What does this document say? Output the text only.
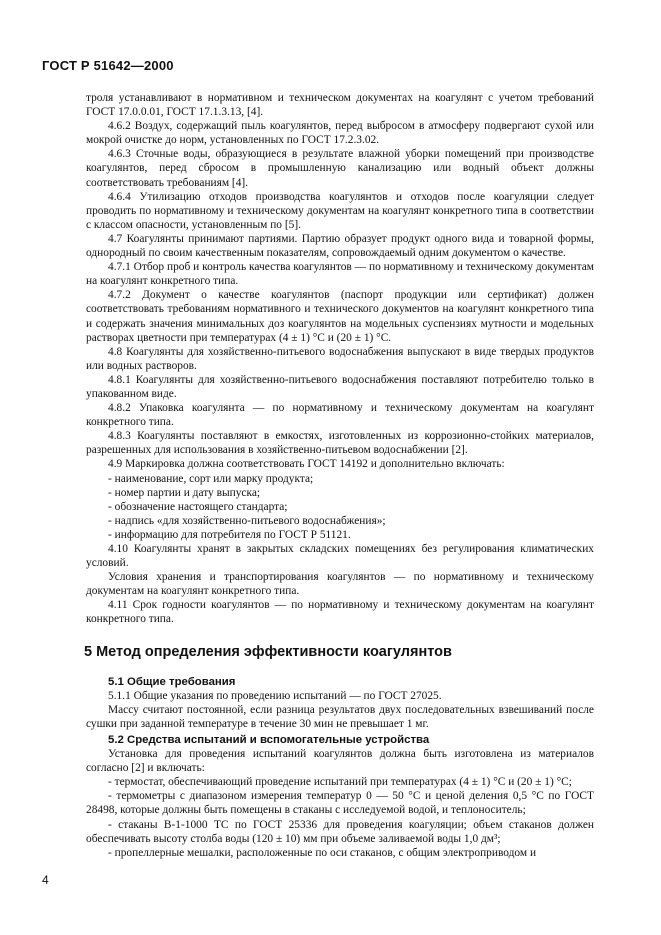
ГОСТ Р 51642—2000

троля устанавливают в нормативном и техническом документах на коагулянт с учетом требований ГОСТ 17.0.0.01, ГОСТ 17.1.3.13, [4].

4.6.2 Воздух, содержащий пыль коагулянтов, перед выбросом в атмосферу подвергают сухой или мокрой очистке до норм, установленных по ГОСТ 17.2.3.02.

4.6.3 Сточные воды, образующиеся в результате влажной уборки помещений при производстве коагулянтов, перед сбросом в промышленную канализацию или водный объект должны соответствовать требованиям [4].

4.6.4 Утилизацию отходов производства коагулянтов и отходов после коагуляции следует проводить по нормативному и техническому документам на коагулянт конкретного типа в соответствии с классом опасности, установленным по [5].

4.7 Коагулянты принимают партиями. Партию образует продукт одного вида и товарной формы, однородный по своим качественным показателям, сопровождаемый одним документом о качестве.

4.7.1 Отбор проб и контроль качества коагулянтов — по нормативному и техническому документам на коагулянт конкретного типа.

4.7.2 Документ о качестве коагулянтов (паспорт продукции или сертификат) должен соответствовать требованиям нормативного и технического документов на коагулянт конкретного типа и содержать значения минимальных доз коагулянтов на модельных суспензиях мутности и модельных растворах цветности при температурах (4 ± 1) °С и (20 ± 1) °С.

4.8 Коагулянты для хозяйственно-питьевого водоснабжения выпускают в виде твердых продуктов или водных растворов.

4.8.1 Коагулянты для хозяйственно-питьевого водоснабжения поставляют потребителю только в упакованном виде.

4.8.2 Упаковка коагулянта — по нормативному и техническому документам на коагулянт конкретного типа.

4.8.3 Коагулянты поставляют в емкостях, изготовленных из коррозионно-стойких материалов, разрешенных для использования в хозяйственно-питьевом водоснабжении [2].

4.9 Маркировка должна соответствовать ГОСТ 14192 и дополнительно включать:

- наименование, сорт или марку продукта;

- номер партии и дату выпуска;

- обозначение настоящего стандарта;

- надпись «для хозяйственно-питьевого водоснабжения»;

- информацию для потребителя по ГОСТ Р 51121.

4.10 Коагулянты хранят в закрытых складских помещениях без регулирования климатических условий.

Условия хранения и транспортирования коагулянтов — по нормативному и техническому документам на коагулянт конкретного типа.

4.11 Срок годности коагулянтов — по нормативному и техническому документам на коагулянт конкретного типа.

5 Метод определения эффективности коагулянтов
5.1 Общие требования

5.1.1 Общие указания по проведению испытаний — по ГОСТ 27025.

Массу считают постоянной, если разница результатов двух последовательных взвешиваний после сушки при заданной температуре в течение 30 мин не превышает 1 мг.

5.2 Средства испытаний и вспомогательные устройства

Установка для проведения испытаний коагулянтов должна быть изготовлена из материалов согласно [2] и включать:

- термостат, обеспечивающий проведение испытаний при температурах (4 ± 1) °С и (20 ± 1) °С;

- термометры с диапазоном измерения температур 0 — 50 °С и ценой деления 0,5 °С по ГОСТ 28498, которые должны быть помещены в стаканы с исследуемой водой, и теплоноситель;

- стаканы В-1-1000 ТС по ГОСТ 25336 для проведения коагуляции; объем стаканов должен обеспечивать высоту столба воды (120 ± 10) мм при объеме заливаемой воды 1,0 дм³;

- пропеллерные мешалки, расположенные по оси стаканов, с общим электроприводом и

4
